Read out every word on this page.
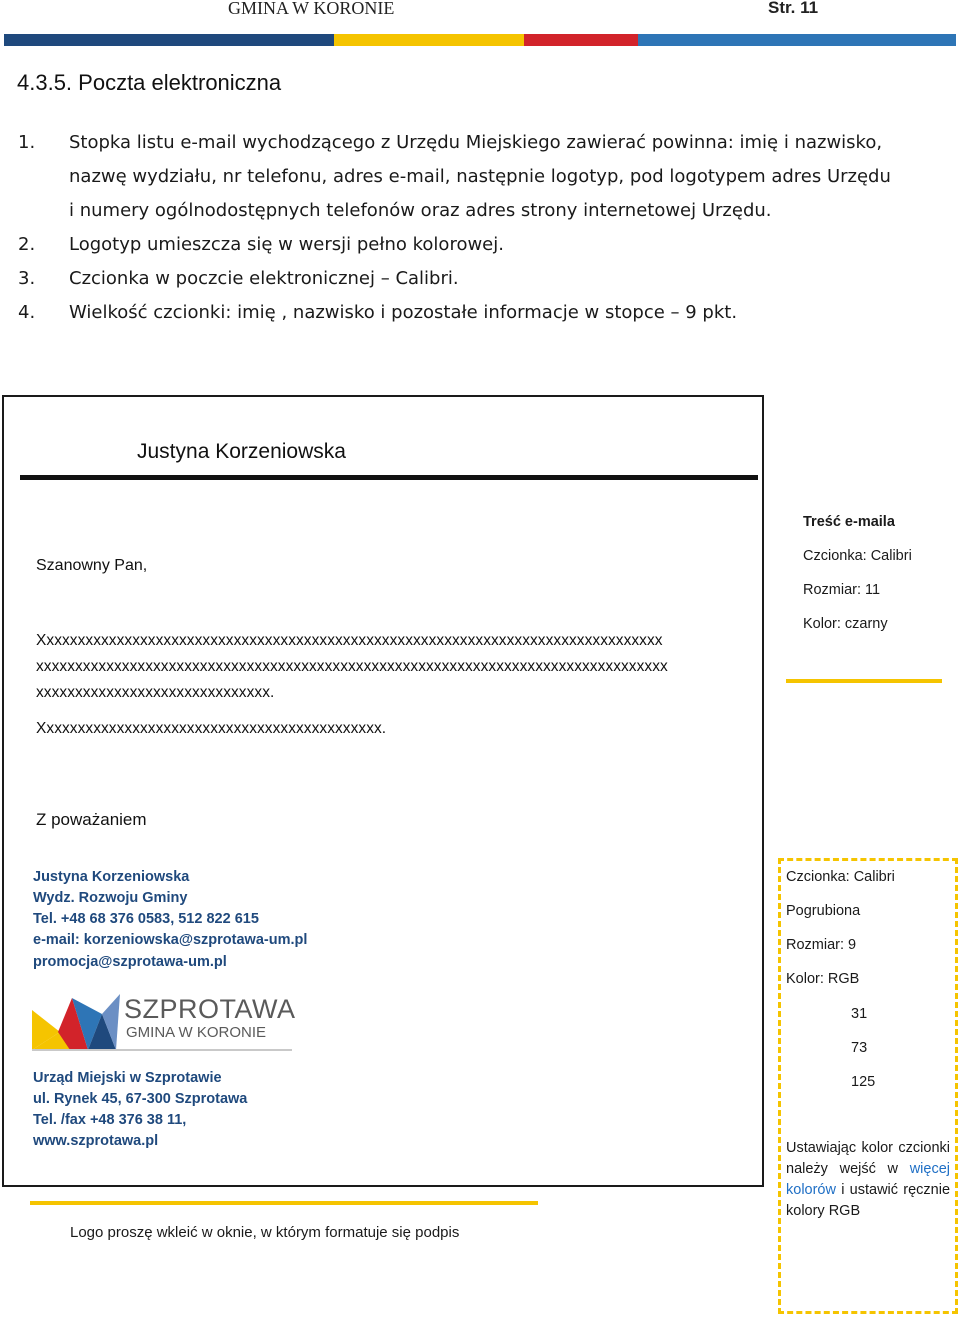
GMINA W KORONIE	Str. 11
4.3.5. Poczta elektroniczna
1.	Stopka listu e-mail wychodzącego z Urzędu Miejskiego zawierać powinna: imię i nazwisko,
nazwę wydziału, nr telefonu, adres e-mail, następnie logotyp, pod logotypem adres Urzędu
i numery ogólnodostępnych telefonów oraz adres strony internetowej Urzędu.
2.	Logotyp umieszcza się w wersji pełno kolorowej.
3.	Czcionka w poczcie elektronicznej – Calibri.
4.	Wielkość czcionki: imię , nazwisko i pozostałe informacje w stopce – 9 pkt.
Justyna Korzeniowska
Szanowny Pan,
Xxxxxxxxxxxxxxxxxxxxxxxxxxxxxxxxxxxxxxxxxxxxxxxxxxxxxxxxxxxxxxxxxxxxxxxxxxxxxxxx
xxxxxxxxxxxxxxxxxxxxxxxxxxxxxxxxxxxxxxxxxxxxxxxxxxxxxxxxxxxxxxxxxxxxxxxxxxxxxxxxx
xxxxxxxxxxxxxxxxxxxxxxxxxxxxxx.
Xxxxxxxxxxxxxxxxxxxxxxxxxxxxxxxxxxxxxxxxxxxx.
Z poważaniem
Justyna Korzeniowska
Wydz. Rozwoju Gminy
Tel. +48 68 376 0583, 512 822 615
e-mail: korzeniowska@szprotawa-um.pl
promocja@szprotawa-um.pl
SZPROTAWA
GMINA W KORONIE
Urząd Miejski w Szprotawie
ul. Rynek 45, 67-300 Szprotawa
Tel. /fax +48 376 38 11,
www.szprotawa.pl
Logo proszę wkleić w oknie, w którym formatuje się podpis
Treść e-maila
Czcionka: Calibri
Rozmiar: 11
Kolor: czarny
Czcionka: Calibri
Pogrubiona
Rozmiar: 9
Kolor: RGB
31
73
125
Ustawiając kolor czcionki należy wejść w więcej kolorów i ustawić ręcznie kolory RGB
